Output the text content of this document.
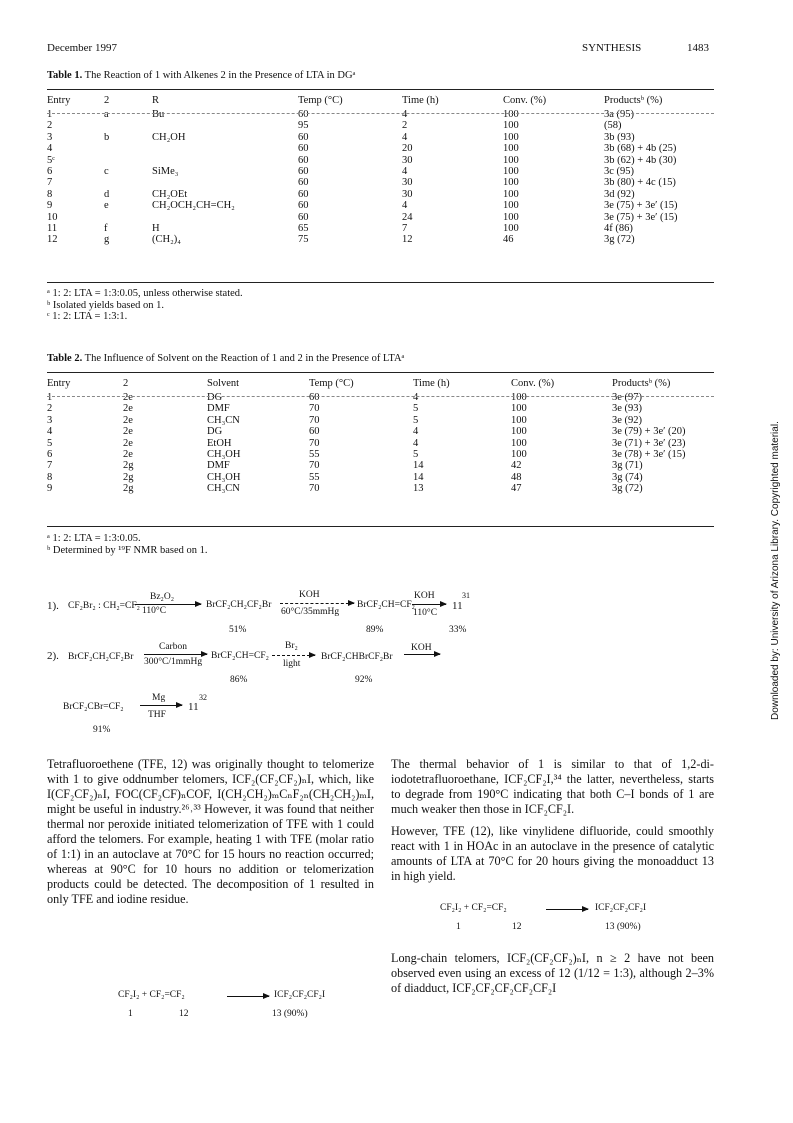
December 1997	SYNTHESIS	1483
Table 1. The Reaction of 1 with Alkenes 2 in the Presence of LTA in DGᵃ
Entry	2	R	Temp (°C)	Time (h)	Conv. (%)	Productsᵇ (%)
1	a	Bu	60	4	100	3a (95)
2			95	2	100	(58)
3	b	CH₂OH	60	4	100	3b (93)
4			60	20	100	3b (68) + 4b (25)
5ᶜ			60	30	100	3b (62) + 4b (30)
6	c	SiMe₃	60	4	100	3c (95)
7			60	30	100	3b (80) + 4c (15)
8	d	CH₂OEt	60	30	100	3d (92)
9	e	CH₂OCH₂CH=CH₂	60	4	100	3e (75) + 3e′ (15)
10			60	24	100	3e (75) + 3e′ (15)
11	f	H	65	7	100	4f (86)
12	g	(CH₂)₄	75	12	46	3g (72)
ᵃ 1: 2: LTA = 1:3:0.05, unless otherwise stated.
ᵇ Isolated yields based on 1.
ᶜ 1: 2: LTA = 1:3:1.
Table 2. The Influence of Solvent on the Reaction of 1 and 2 in the Presence of LTAᵃ
Entry	2	Solvent	Temp (°C)	Time (h)	Conv. (%)	Productsᵇ (%)
1	2e	DG	60	4	100	3e (97)
2	2e	DMF	70	5	100	3e (93)
3	2e	CH₃CN	70	5	100	3e (92)
4	2e	DG	60	4	100	3e (79) + 3e′ (20)
5	2e	EtOH	70	4	100	3e (71) + 3e′ (23)
6	2e	CH₃OH	55	5	100	3e (78) + 3e′ (15)
7	2g	DMF	70	14	42	3g (71)
8	2g	CH₃OH	55	14	48	3g (74)
9	2g	CH₃CN	70	13	47	3g (72)
ᵃ 1: 2: LTA = 1:3:0.05.
ᵇ Determined by ¹⁹F NMR based on 1.
1). CF₂Br₂ : CH₂=CF₂
Bz₂O₂
110°C
BrCF₂CH₂CF₂Br
KOH
60°C/35mmHg
BrCF₂CH=CF₂
KOH
110°C
11
31
51%	89%	33%
2). BrCF₂CH₂CF₂Br
Carbon
300°C/1mmHg
BrCF₂CH=CF₂
Br₂
light
BrCF₂CHBrCF₂Br
KOH
86%	92%
BrCF₂CBr=CF₂
Mg
THF
11
32
91%
Tetrafluoroethene (TFE, 12) was originally thought to telomerize with 1 to give oddnumber telomers, ICF₂(CF₂CF₂)ₙI, which, like I(CF₂CF₂)ₙI, FOC(CF₂CF)ₙCOF, I(CH₂CH₂)ₘCₙF₂ₙ(CH₂CH₂)ₘI, might be useful in industry.²⁶˒³³ However, it was found that neither thermal nor peroxide initiated telomerization of TFE with 1 could afford the telomers. For example, heating 1 with TFE (molar ratio of 1:1) in an autoclave at 70°C for 15 hours no reaction occurred; whereas at 90°C for 10 hours no addition or telomerization products could be detected. The decomposition of 1 resulted in only TFE and iodine residue.
CF₂I₂ + CF₂=CF₂	ICF₂CF₂CF₂I
1	12	13 (90%)
The thermal behavior of 1 is similar to that of 1,2-di-iodotetrafluoroethane, ICF₂CF₂I,³⁴ the latter, nevertheless, starts to degrade from 190°C indicating that both C–I bonds of 1 are much weaker then those in ICF₂CF₂I.
However, TFE (12), like vinylidene difluoride, could smoothly react with 1 in HOAc in an autoclave in the presence of catalytic amounts of LTA at 70°C for 20 hours giving the monoadduct 13 in high yield.
CF₂I₂ + CF₂=CF₂	ICF₂CF₂CF₂I
1	12	13 (90%)
Long-chain telomers, ICF₂(CF₂CF₂)ₙI, n ≥ 2 have not been observed even using an excess of 12 (1/12 = 1:3), although 2–3% of diadduct, ICF₂CF₂CF₂CF₂CF₂I
Downloaded by: University of Arizona Library. Copyrighted material.
